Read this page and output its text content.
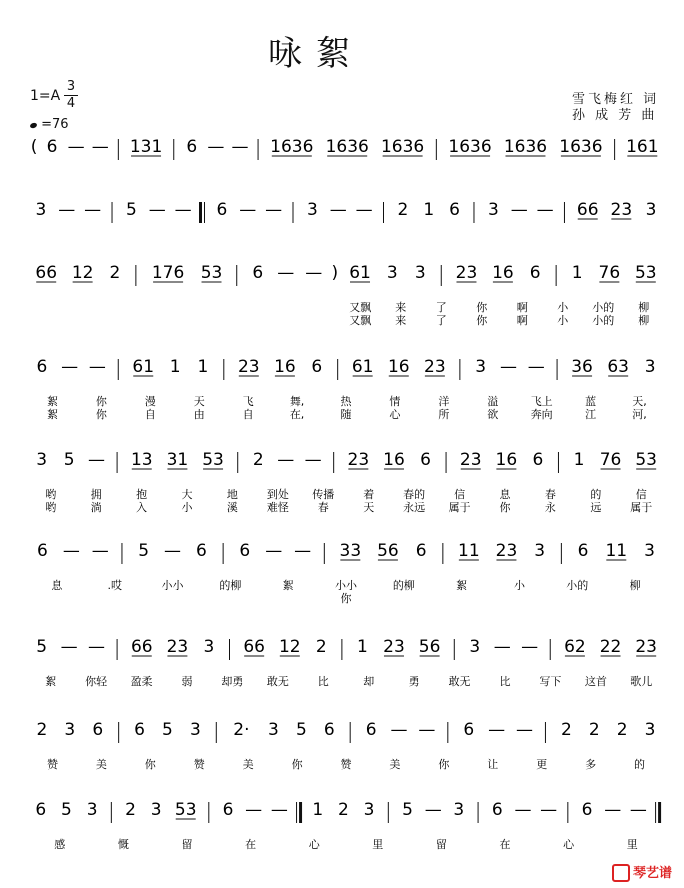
咏絮
1=A
3
4
=76
雪飞梅红 词
孙 成 芳 曲
( 6 — — 131 6 — — 1636 1636 1636 1636 1636 1636 161
3 — — 5 — — 6 — — 3 — — 2 1 6 3 — — 66 23 3
66 12 2 176 53 6 — — ) 61 3 3 23 16 6 1 76 53
又飘 来	了	你	啊	小 小的 柳
又飘 来	了	你	啊	小 小的 柳
6 — — 61 1 1 23 16 6 61 16 23 3 — — 36 63 3
絮	你	漫	天	飞	舞,	热	情	洋	溢	飞上	蓝	天,
絮	你	自	由	自	在,	随	心	所	欲	奔向	江	河,
3 5 — 13 31 53 2 — — 23 16 6 23 16 6 1 76 53
哟	拥	抱	大	地	到处 传播	着	春的	信	息	春	的	信
哟	淌	入	小	溪	难怪	春	天	永远 属于	你	永	远	属于
6 — — 5 — 6 6 — — 33 56 6 11 23 3 6 11 3
息	.哎	小小	的柳	絮	小小	的柳	絮	小	小的	柳
你
5 — — 66 23 3 66 12 2 1 23 56 3 — — 62 22 23
絮	你轻 盈柔	弱	却勇 敢无	比	却	勇	敢无	比	写下 这首 歌儿
2 3 6 6 5 3 2· 3 5 6 6 — — 6 — — 2 2 2 3
赞	美	你	赞	美	你	赞	美	你	让	更	多	的
6 5 3 2 3 53 6 — — 1 2 3 5 — 3 6 — — 6 — —
感	慨	留	在	心	里	留	在	心	里
琴艺谱
